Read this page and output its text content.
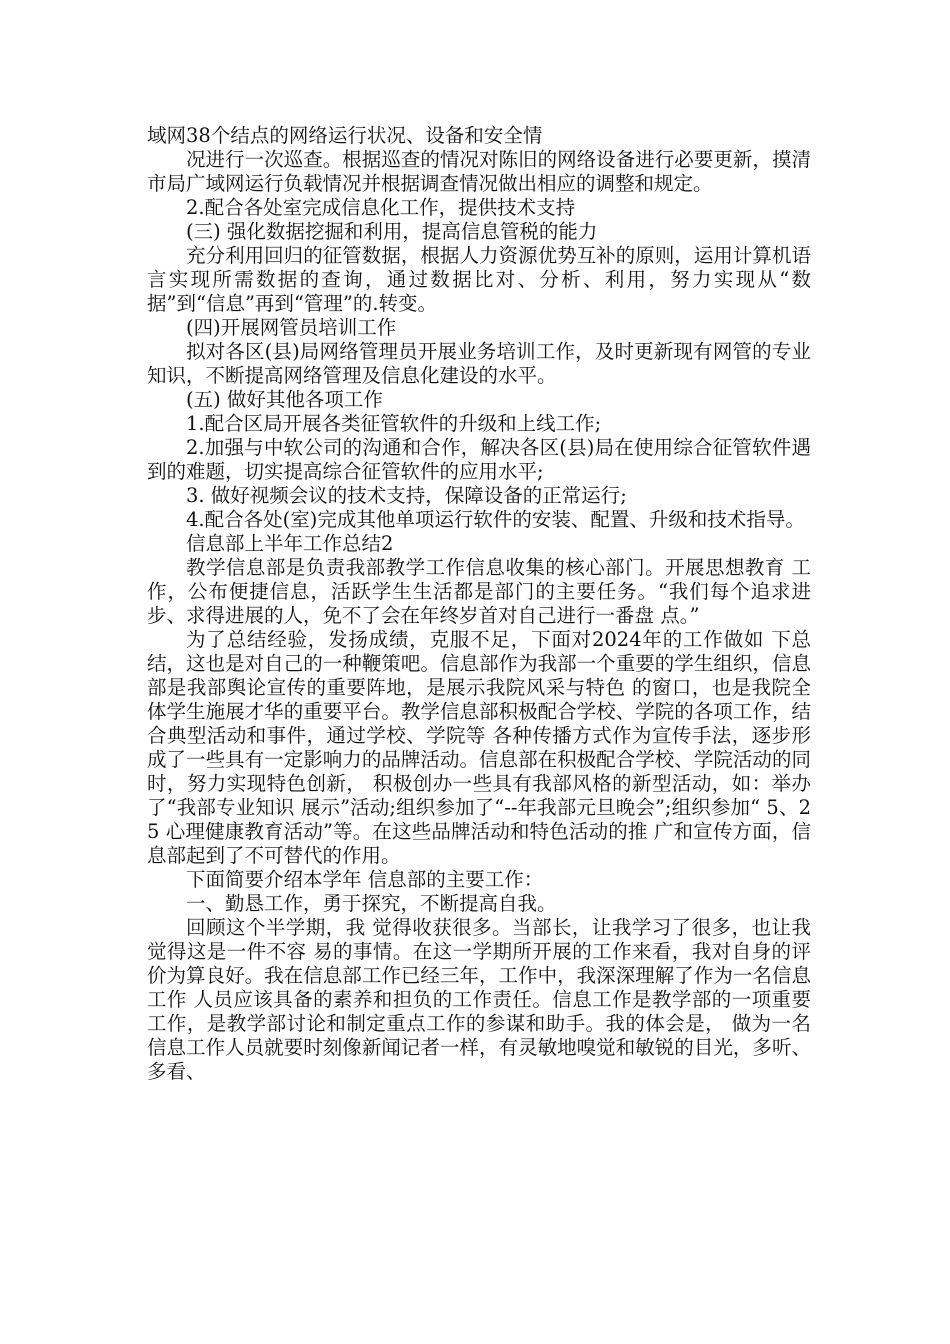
域网38个结点的网络运行状况、设备和安全情

况进行一次巡查。根据巡查的情况对陈旧的网络设备进行必要更新，摸清市局广域网运行负载情况并根据调查情况做出相应的调整和规定。

2.配合各处室完成信息化工作，提供技术支持

(三) 强化数据挖掘和利用，提高信息管税的能力

充分利用回归的征管数据，根据人力资源优势互补的原则，运用计算机语言实现所需数据的查询，通过数据比对、分析、利用，努力实现从“数据”到“信息”再到“管理”的.转变。

(四)开展网管员培训工作

拟对各区(县)局网络管理员开展业务培训工作，及时更新现有网管的专业知识，不断提高网络管理及信息化建设的水平。

(五) 做好其他各项工作

1.配合区局开展各类征管软件的升级和上线工作;

2.加强与中软公司的沟通和合作，解决各区(县)局在使用综合征管软件遇到的难题，切实提高综合征管软件的应用水平;

3. 做好视频会议的技术支持，保障设备的正常运行;

4.配合各处(室)完成其他单项运行软件的安装、配置、升级和技术指导。

信息部上半年工作总结2

教学信息部是负责我部教学工作信息收集的核心部门。开展思想教育 工作，公布便捷信息，活跃学生生活都是部门的主要任务。“我们每个追求进步、求得进展的人，免不了会在年终岁首对自己进行一番盘 点。”

为了总结经验，发扬成绩，克服不足，下面对2024年的工作做如 下总结，这也是对自己的一种鞭策吧。信息部作为我部一个重要的学生组织，信息部是我部舆论宣传的重要阵地，是展示我院风采与特色 的窗口，也是我院全体学生施展才华的重要平台。教学信息部积极配合学校、学院的各项工作，结合典型活动和事件，通过学校、学院等 各种传播方式作为宣传手法，逐步形成了一些具有一定影响力的品牌活动。信息部在积极配合学校、学院活动的同时，努力实现特色创新， 积极创办一些具有我部风格的新型活动，如：举办了“我部专业知识 展示”活动;组织参加了“--年我部元旦晚会”;组织参加“ 5、25 心理健康教育活动”等。在这些品牌活动和特色活动的推 广和宣传方面，信息部起到了不可替代的作用。

下面简要介绍本学年 信息部的主要工作：

一、勤恳工作，勇于探究，不断提高自我。

回顾这个半学期，我 觉得收获很多。当部长，让我学习了很多，也让我觉得这是一件不容 易的事情。在这一学期所开展的工作来看，我对自身的评价为算良好。我在信息部工作已经三年，工作中，我深深理解了作为一名信息工作 人员应该具备的素养和担负的工作责任。信息工作是教学部的一项重要工作，是教学部讨论和制定重点工作的参谋和助手。我的体会是， 做为一名信息工作人员就要时刻像新闻记者一样，有灵敏地嗅觉和敏锐的目光，多听、多看、
